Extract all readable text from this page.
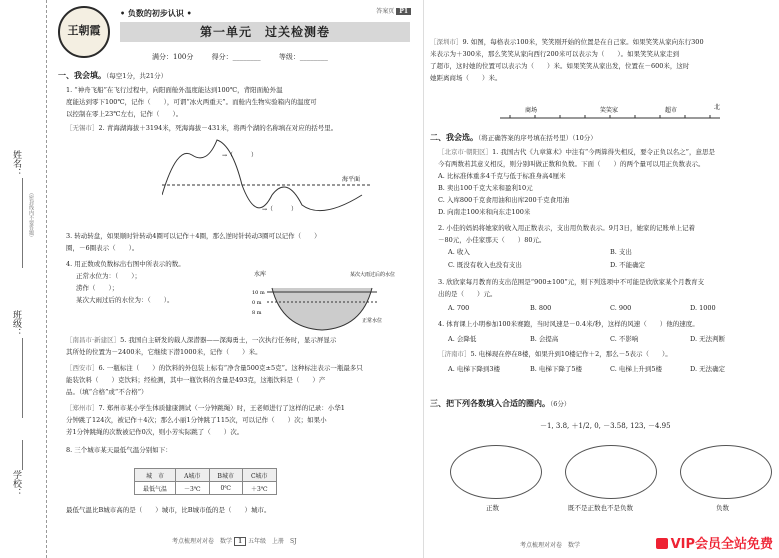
姓名：
（密封线内不要答题）
班级：
学校：
王朝霞
• 负数的初步认识 •	答案页 P1
第一单元　过关检测卷
满分：100分	得分：________	等级：________
一、我会填。（每空1分，共21分）
1. “神舟飞船”在飞行过程中，向阳面舱外温度能达到100℃，背阳面舱外温
度能达到零下100℃，记作（　　），可谓“冰火两重天”。而舱内生物实验箱内的温度可
以控制在零上23℃左右，记作（　　）。
［无锡市］2. 青海湖海拔＋3194米，死海海拔－431米，将两个湖的名称填在对应的括号里。
海平面
→（　　　）
→（　　　）
3. 转动转盘，如果顺时针转动4圈可以记作＋4圈，那么逆时针转动3圈可以记作（　　）
圈，－6圈表示（　　）。
4. 用正数或负数标出右图中所表示的数。
正常水位为：（　　）；
涝作（　　）；
某次大雨过后的水位为：（　　）。
水库	某次大雨过后的水位
10 m
0 m
8 m
正常水位
［南昌市·新建区］5. 我国自主研发的载人深潜器——深海勇士，一次执行任务时，显示屏显示
其所处的位置为－2400米，它继续下潜1000米，记作（　　）米。
［西安市］6. 一瓶标注（　　）的饮料的外包装上标有“净含量500克±5克”。这种标注表示一瓶最多只
能装饮料（　　）克饮料；经检测，其中一瓶饮料的含量是493克，这瓶饮料是（　　）产
品。（填“合格”或“不合格”）
［郑州市］7. 郑州市某小学生体质健康测试（一分钟跳绳）时，王老师进行了这样的记录：小华1
分钟跳了124次，被记作＋4次；那么小丽1分钟跳了115次，可以记作（　　）次；如果小
芳1分钟跳绳的次数被记作0次，则小芳实际跳了（　　）次。
8. 三个城市某天最低气温分别如下：
城　市	A城市	B城市	C城市
最低气温	－3℃	0℃	＋3℃
最低气温比B城市高的是（　　）城市，比B城市低的是（　　）城市。
考点梳理对对卷　数学 1 五年级　上册　SJ
［深圳市］9. 如图，每格表示100米，笑笑刚开始的位置是在自己家。如果笑笑从家向东行300
米表示为＋300米，那么笑笑从家向西行200米可以表示为（　　）。如果笑笑从家走到
了超市，这时她的位置可以表示为（　　）米。如果笑笑从家出发，位置在－600米，这时
她距离商场（　　）米。
商场	笑笑家	超市	北
二、我会选。（将正确答案的序号填在括号里）（10分）
［北京市·朝阳区］1. 我国古代《九章算术》中注有“今两算得失相反，要令正负以名之”，意思是
今有两数若其意义相反，则分别叫做正数和负数。下面（　　）的两个量可以用正负数表示。
A. 比标准体重多4千克与低于标准身高4厘米
B. 卖出100千克大米和盈利10元
C. 入库800千克食用油和出库200千克食用油
D. 向南走100米和向东走100米
2. 小佳的妈妈将她家的收入用正数表示，支出用负数表示。9月3日，她家的记账单上记着
－80元，小佳家那天（　　）80元。
A. 收入	B. 支出
C. 既没有收入也没有支出	D. 不能确定
3. 欣欣家每月教育的支出范围是“900±100”元，则下列选项中不可能是欣欣家某个月教育支
出的是（　　）元。
A. 700	B. 800	C. 900	D. 1000
4. 体育课上小明参加100米赛跑，当时风速是－0.4米/秒，这样的风速（　　）他的速度。
A. 会降低	B. 会提高	C. 不影响	D. 无法判断
［济南市］5. 电梯现在停在8楼，如果升到10楼记作＋2，那么－5表示（　　）。
A. 电梯下降到3楼	B. 电梯下降了5楼	C. 电梯上升到5楼	D. 无法确定
三、把下列各数填入合适的圈内。（6分）
－1, 3.8, ＋1/2, 0, －3.58, 123, －4.95
正数	既不是正数也不是负数	负数
考点梳理对对卷　数学	VIP会员全站免费
